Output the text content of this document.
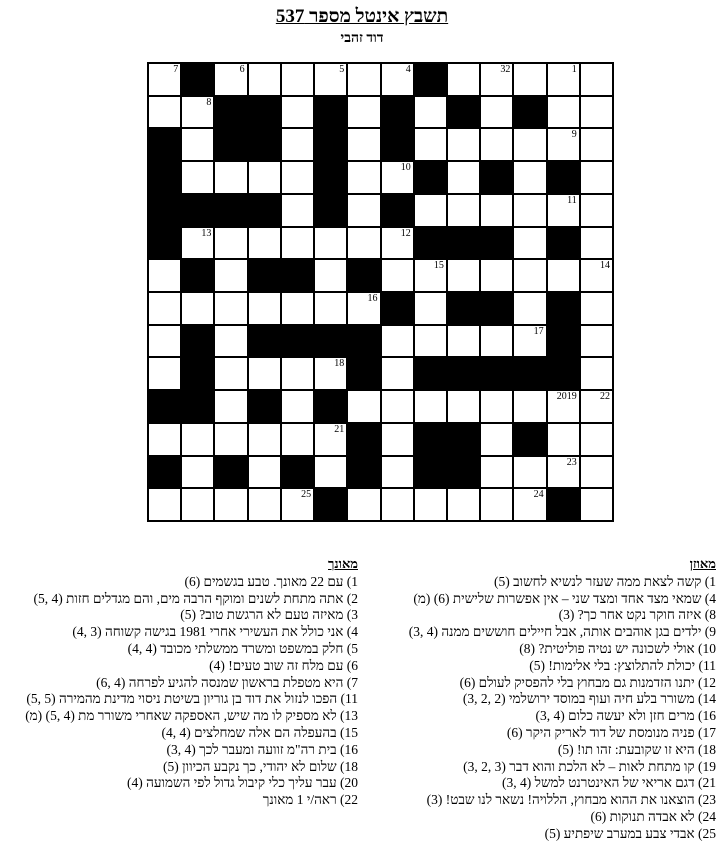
תשבץ אינטל מספר 537
דוד זהבי
7	6	5	4	32	1
8
9
10
11
13	12
15	14
16
17
18
2019 22
21
23
25	24
מאוזן
1) קשה לצאת ממה שעזר לנשיא לחשוב (5)
4) שמאי מצד אחד ומצד שני – אין אפשרות שלישית (6) (מ)
8) איזה חוקר נקט אחר כך? (3)
9) ילדים בגן אוהבים אותה, אבל חיילים חוששים ממנה (4 ,3)
10) אולי לשכונה יש נטיה פוליטית? (8)
11) יכולת להתלוצץ: בלי אלימות! (5)
12) יתנו הזדמנות גם מבחוץ בלי להפסיק לעולם (6)
14) משורר בלע חיה ועוף במוסד ירושלמי (2 ,2 ,3)
16) מרים חזן ולא יעשה כלום (4 ,3)
17) פניה מנומסת של דוד לאריק היקר (6)
18) היא זו שקובעת: זהו תו! (5)
19) קו מתחת לאות – לא הלכת והוא דבר (3 ,2 ,3)
21) דגם אריאי של האינטרנט למשל (4 ,3)
23) הוצאנו את ההוא מבחוץ, הללויה! נשאר לנו שבט! (3)
24) לא אבדה תנוקות (6)
25) אבדי צבע במערב שיפתיע (5)
מאונך
1) עם 22 מאונך. טבע בגשמים (6)
2) אתה מתחת לשנים ומוקף הרבה מים, והם מגדלים חזות (4 ,5)
3) מאיזה טעם לא הרגשת טוב? (5)
4) אני כולל את העשירי אחרי 1981 בגישה קשוחה (3 ,4)
5) חלק במשפט ומשרד ממשלתי מכובד (4 ,4)
6) עם מלח זה שוב טעים! (4)
7) היא מטפלת בראשון שמנסה להגיע לפרחה (4 ,6)
11) הפכו לנזול את דוד בן גוריון בשיטת ניסוי מדינת מהמירה (5 ,5)
13) לא מספיק לו מה שיש, האספקה שאחרי משורר מת (4 ,5) (מ)
15) בהעפלה הם אלה שמחלצים (4 ,4)
16) בית רה"מ זוועה ומעבר לכך (4 ,3)
18) שלום לא יהודי, כך נקבע הכיוון (5)
20) עבר עליך כלי קיבול גדול לפי השמועה (4)
22) ראה/י 1 מאונך
